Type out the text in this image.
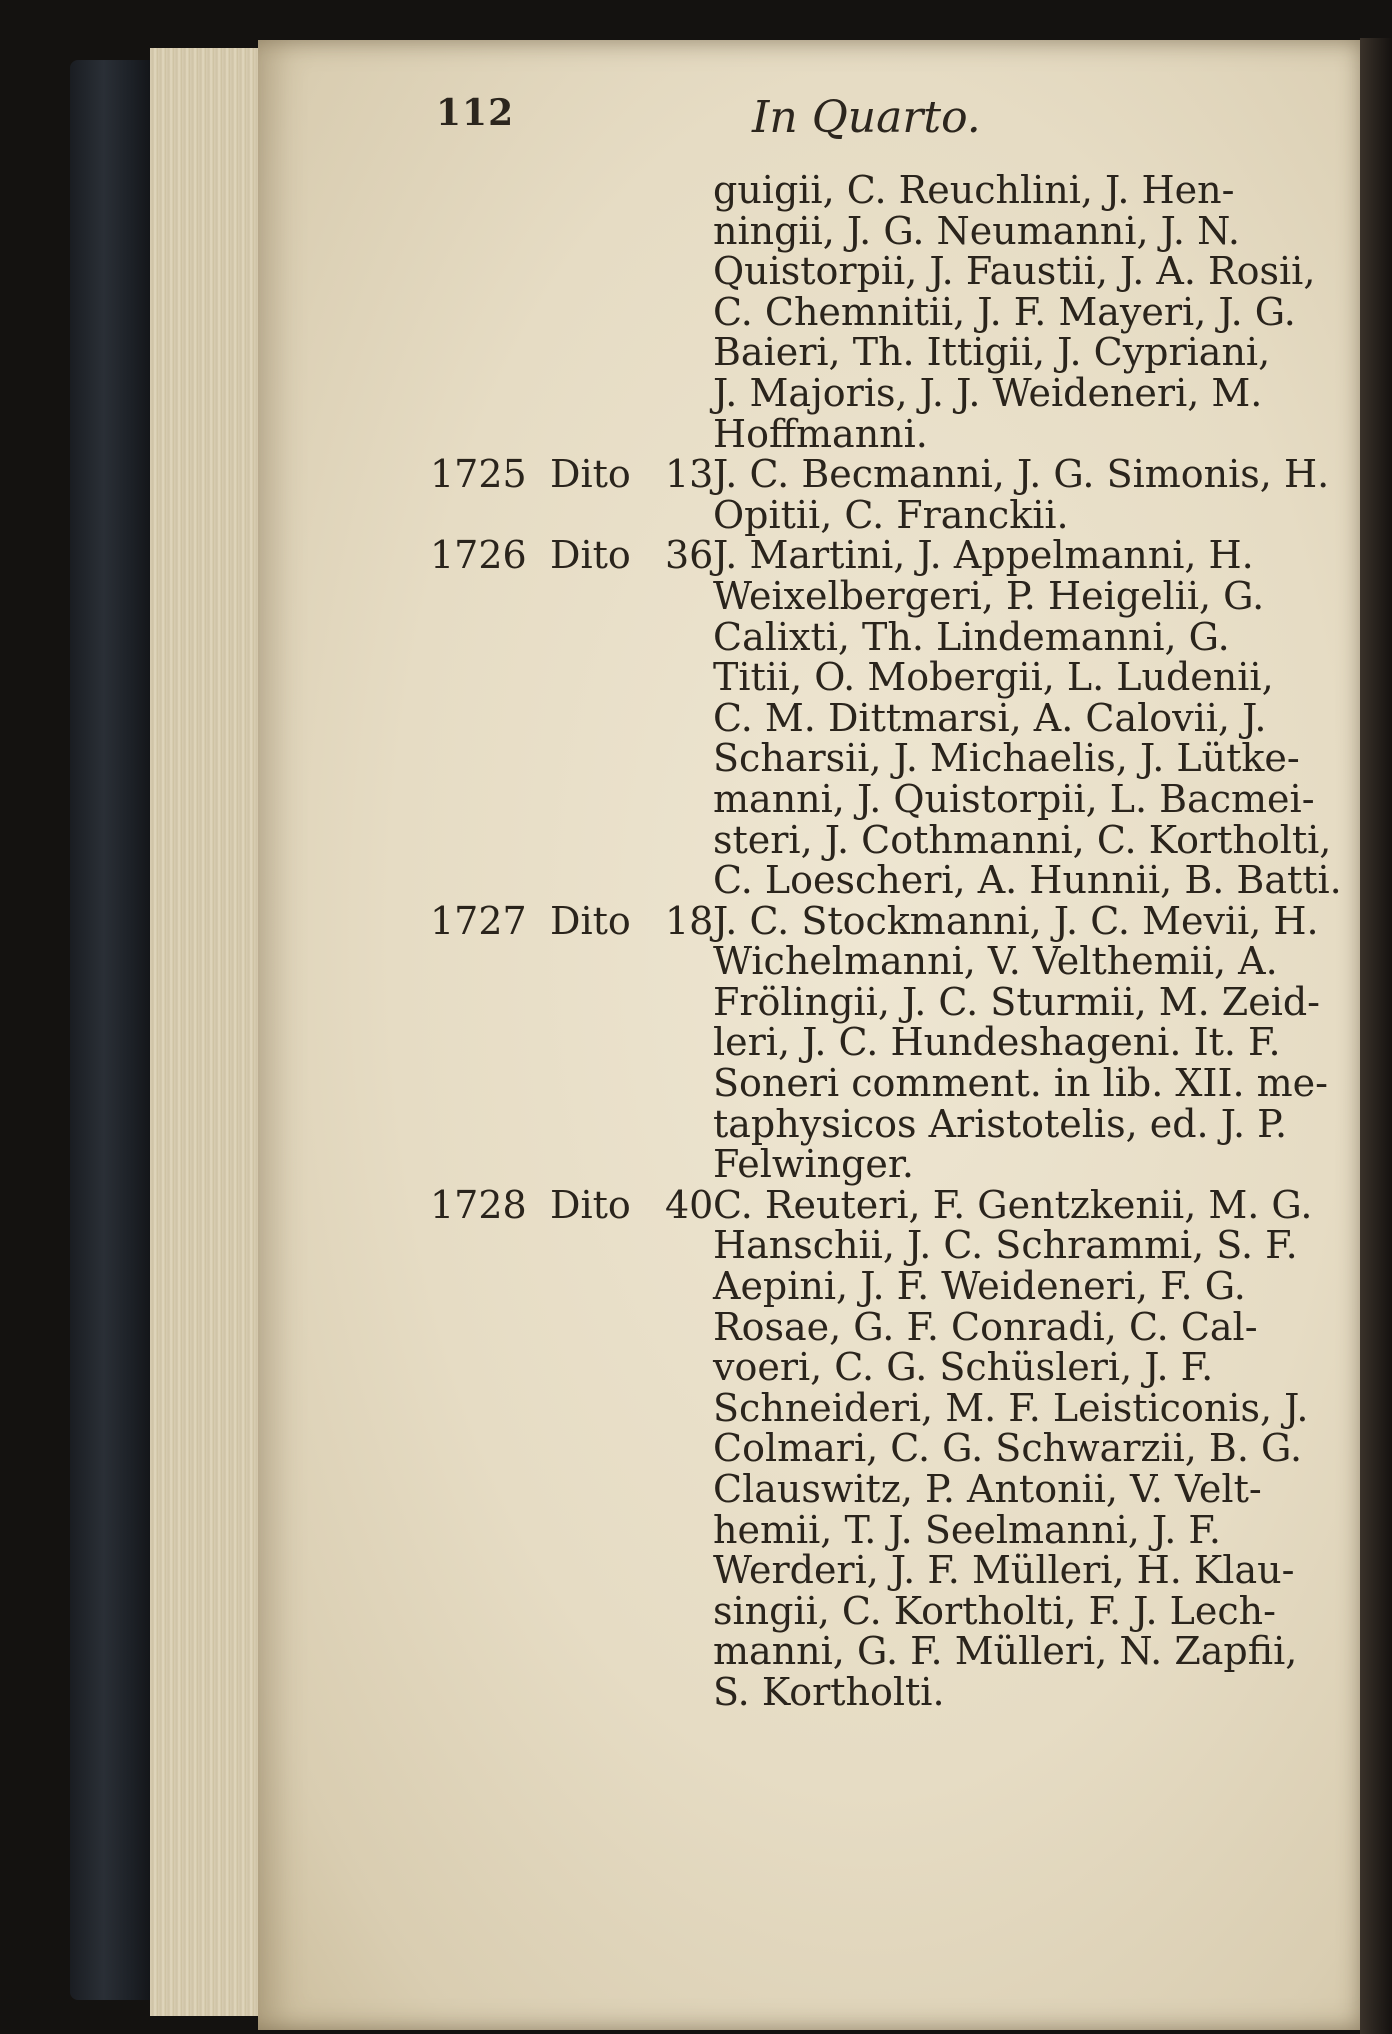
112	In Quarto.
guigii, C. Reuchlini, J. Hen-
ningii, J. G. Neumanni, J. N.
Quistorpii, J. Faustii, J. A. Rosii,
C. Chemnitii, J. F. Mayeri, J. G.
Baieri, Th. Ittigii, J. Cypriani,
J. Majoris, J. J. Weideneri, M.
Hoffmanni.
1725 Dito 13 J. C. Becmanni, J. G. Simonis, H.
Opitii, C. Franckii.
1726 Dito 36 J. Martini, J. Appelmanni, H.
Weixelbergeri, P. Heigelii, G.
Calixti, Th. Lindemanni, G.
Titii, O. Mobergii, L. Ludenii,
C. M. Dittmarsi, A. Calovii, J.
Scharsii, J. Michaelis, J. Lütke-
manni, J. Quistorpii, L. Bacmei-
steri, J. Cothmanni, C. Kortholti,
C. Loescheri, A. Hunnii, B. Batti.
1727 Dito 18 J. C. Stockmanni, J. C. Mevii, H.
Wichelmanni, V. Velthemii, A.
Frölingii, J. C. Sturmii, M. Zeid-
leri, J. C. Hundeshageni. It. F.
Soneri comment. in lib. XII. me-
taphysicos Aristotelis, ed. J. P.
Felwinger.
1728 Dito 40 C. Reuteri, F. Gentzkenii, M. G.
Hanschii, J. C. Schrammi, S. F.
Aepini, J. F. Weideneri, F. G.
Rosae, G. F. Conradi, C. Cal-
voeri, C. G. Schüsleri, J. F.
Schneideri, M. F. Leisticonis, J.
Colmari, C. G. Schwarzii, B. G.
Clauswitz, P. Antonii, V. Velt-
hemii, T. J. Seelmanni, J. F.
Werderi, J. F. Mülleri, H. Klau-
singii, C. Kortholti, F. J. Lech-
manni, G. F. Mülleri, N. Zapfii,
S. Kortholti.
